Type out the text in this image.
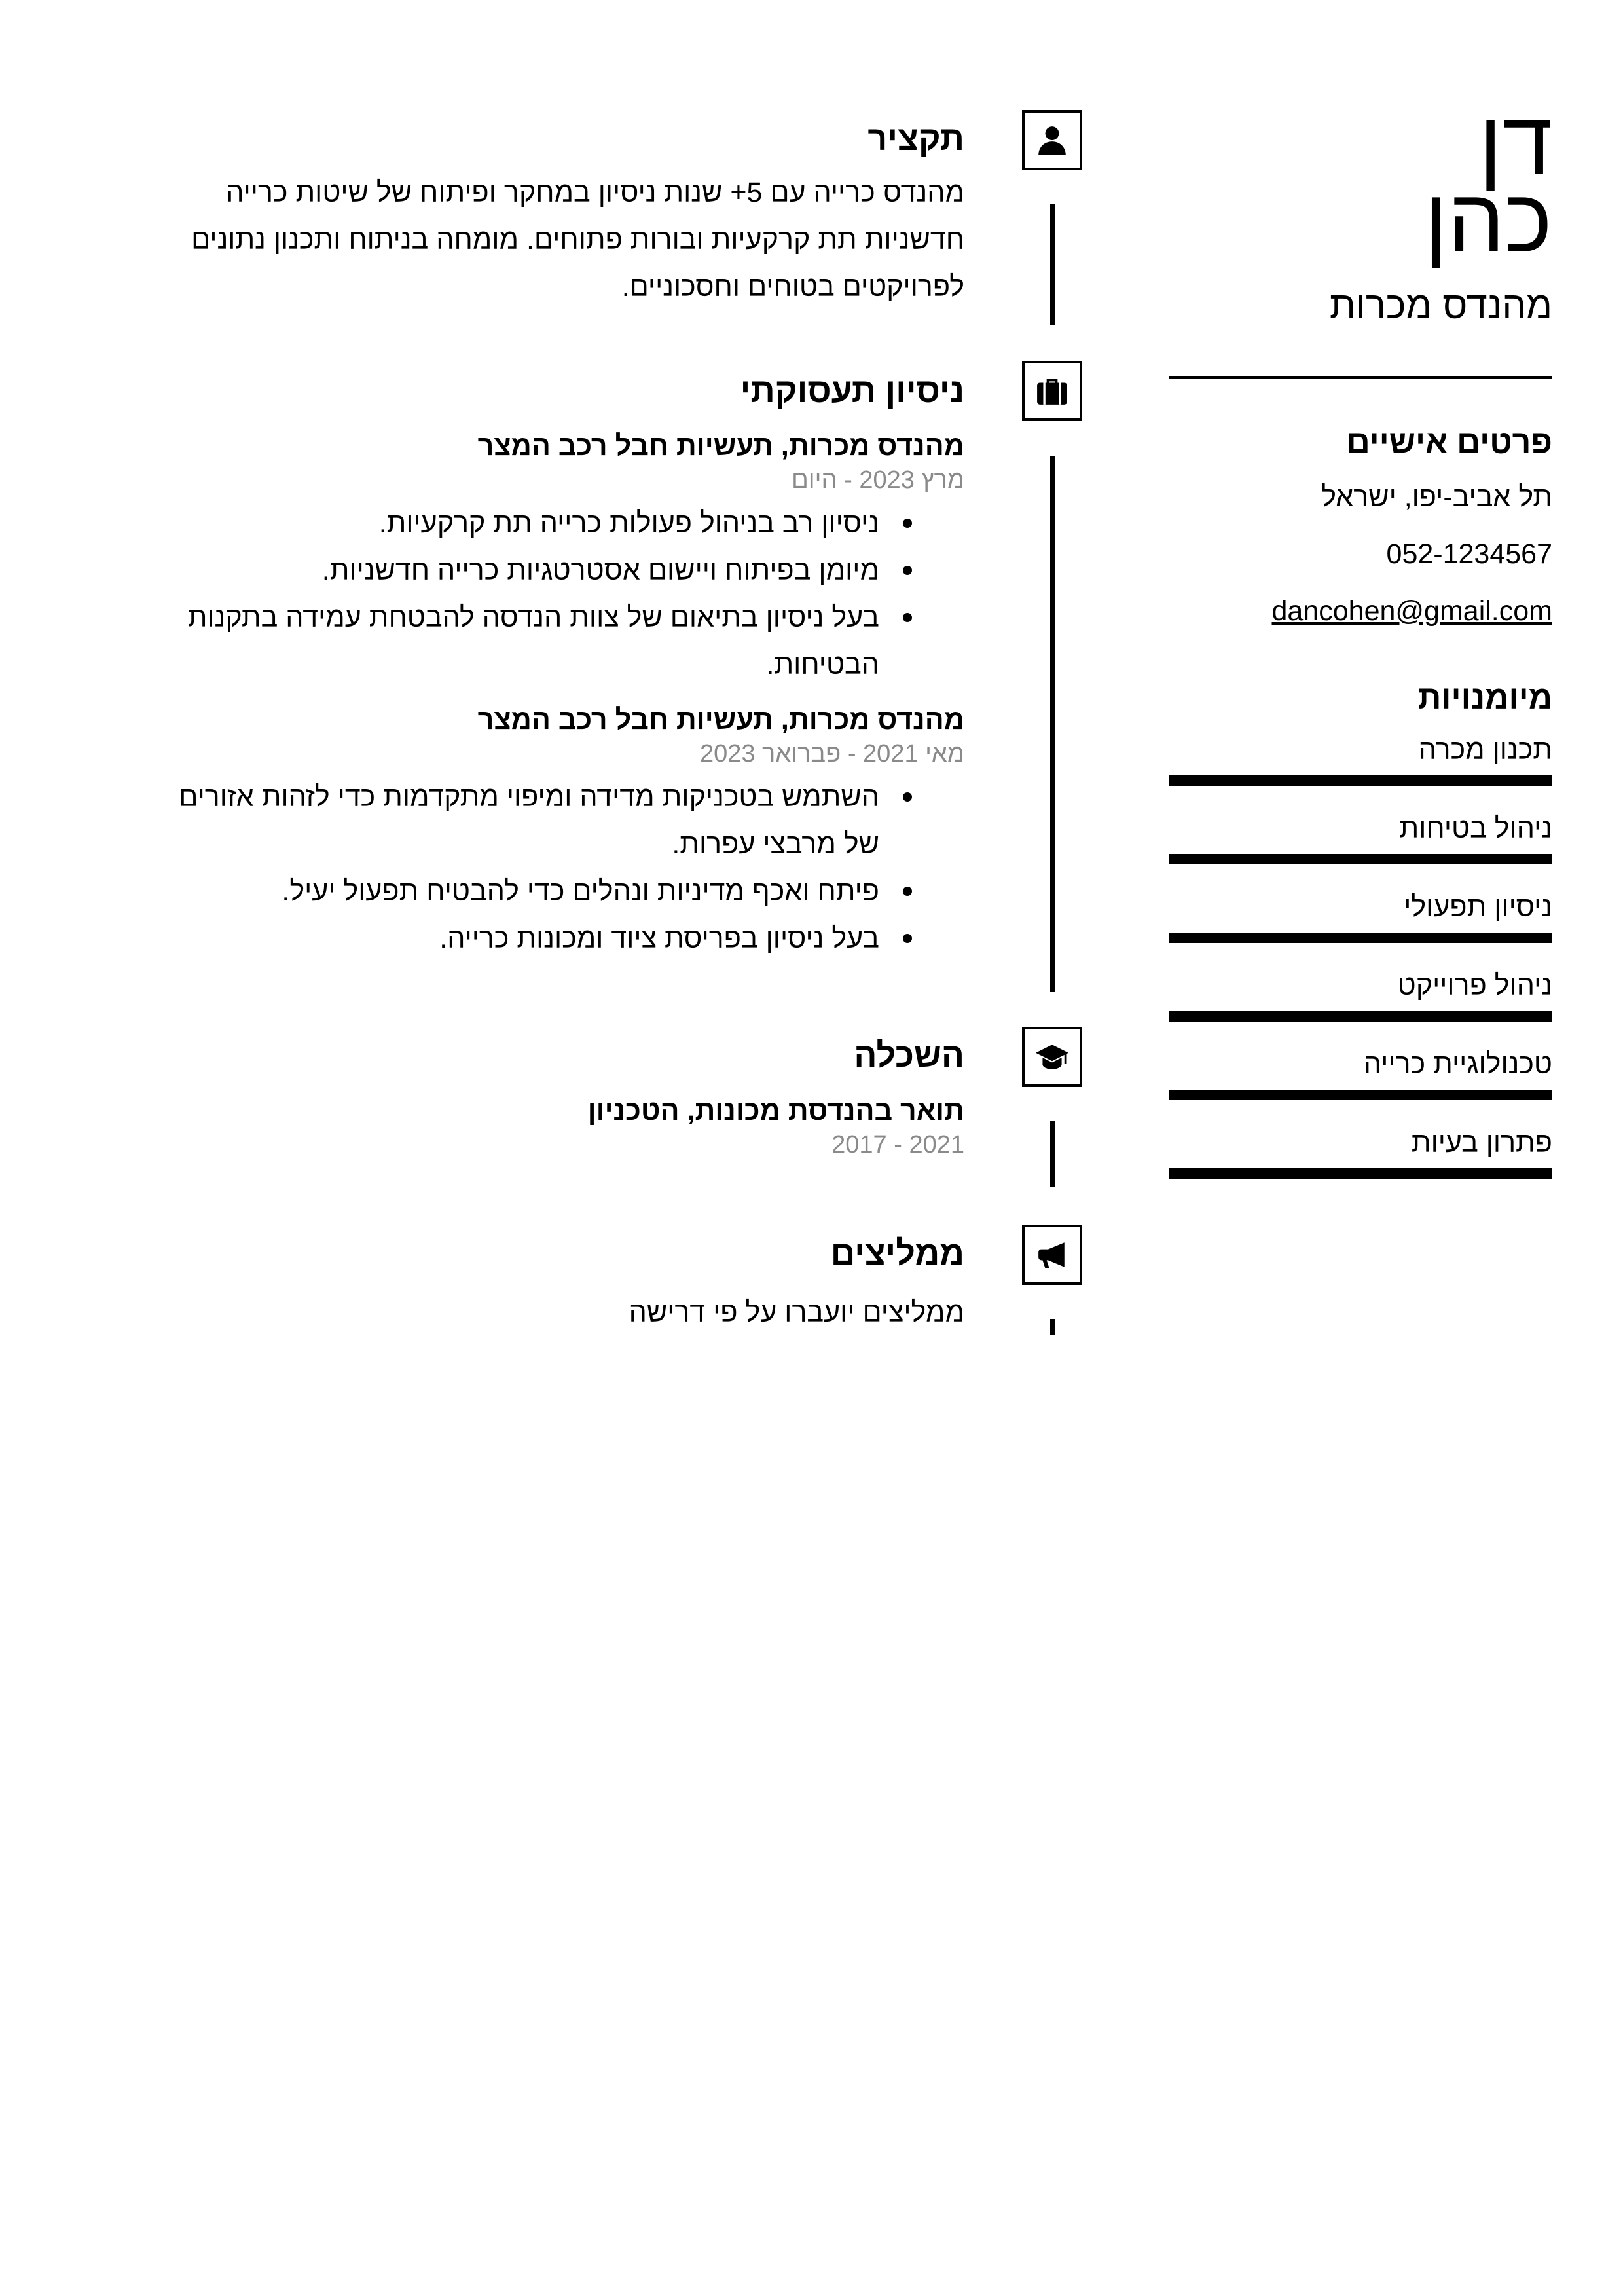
דן
כהן
מהנדס מכרות
פרטים אישיים
תל אביב-יפו, ישראל
052-1234567
dancohen@gmail.com
מיומנויות
תכנון מכרה
ניהול בטיחות
ניסיון תפעולי
ניהול פרוייקט
טכנולוגיית כרייה
פתרון בעיות
תקציר
מהנדס כרייה עם 5+ שנות ניסיון במחקר ופיתוח של שיטות כרייה חדשניות תת קרקעיות ובורות פתוחים. מומחה בניתוח ותכנון נתונים לפרויקטים בטוחים וחסכוניים.
ניסיון תעסוקתי
מהנדס מכרות, תעשיות חבל רכב המצר
מרץ 2023 - היום
ניסיון רב בניהול פעולות כרייה תת קרקעיות.
מיומן בפיתוח ויישום אסטרטגיות כרייה חדשניות.
בעל ניסיון בתיאום של צוות הנדסה להבטחת עמידה בתקנות הבטיחות.
מהנדס מכרות, תעשיות חבל רכב המצר
מאי 2021 - פברואר 2023
השתמש בטכניקות מדידה ומיפוי מתקדמות כדי לזהות אזורים של מרבצי עפרות.
פיתח ואכף מדיניות ונהלים כדי להבטיח תפעול יעיל.
בעל ניסיון בפריסת ציוד ומכונות כרייה.
השכלה
תואר בהנדסת מכונות, הטכניון
2017 - 2021
ממליצים
ממליצים יועברו על פי דרישה
